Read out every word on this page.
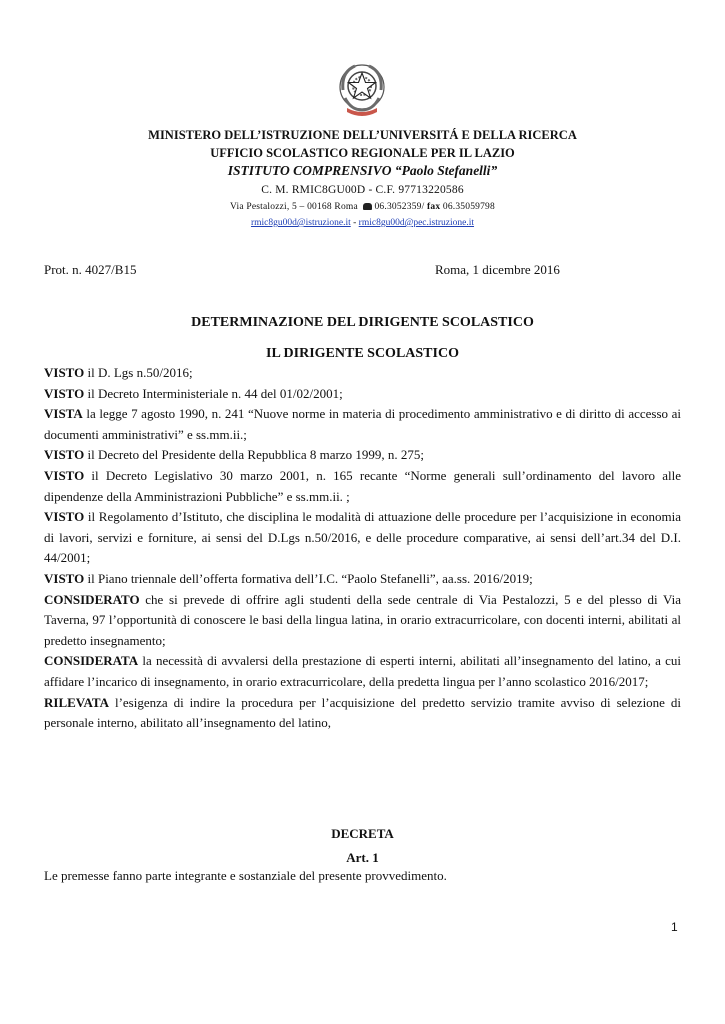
MINISTERO DELL’ISTRUZIONE DELL’UNIVERSITÁ E DELLA RICERCA
UFFICIO SCOLASTICO REGIONALE PER IL LAZIO
ISTITUTO COMPRENSIVO “Paolo Stefanelli”
C. M. RMIC8GU00D - C.F. 97713220586
Via Pestalozzi, 5 – 00168 Roma 06.3052359/ fax 06.35059798
rmic8gu00d@istruzione.it - rmic8gu00d@pec.istruzione.it
Prot. n. 4027/B15	Roma, 1 dicembre 2016
DETERMINAZIONE DEL DIRIGENTE SCOLASTICO
IL DIRIGENTE SCOLASTICO

VISTO il D. Lgs n.50/2016;

VISTO il Decreto Interministeriale n. 44 del 01/02/2001;

VISTA la legge 7 agosto 1990, n. 241 “Nuove norme in materia di procedimento amministrativo e di diritto di accesso ai documenti amministrativi” e ss.mm.ii.;

VISTO il Decreto del Presidente della Repubblica 8 marzo 1999, n. 275;

VISTO il Decreto Legislativo 30 marzo 2001, n. 165 recante “Norme generali sull’ordinamento del lavoro alle dipendenze della Amministrazioni Pubbliche” e ss.mm.ii. ;

VISTO il Regolamento d’Istituto, che disciplina le modalità di attuazione delle procedure per l’acquisizione in economia di lavori, servizi e forniture, ai sensi del D.Lgs n.50/2016, e delle procedure comparative, ai sensi dell’art.34 del D.I. 44/2001;

VISTO il Piano triennale dell’offerta formativa dell’I.C. “Paolo Stefanelli”, aa.ss. 2016/2019;

CONSIDERATO che si prevede di offrire agli studenti della sede centrale di Via Pestalozzi, 5 e del plesso di Via Taverna, 97 l’opportunità di conoscere le basi della lingua latina, in orario extracurricolare, con docenti interni, abilitati al predetto insegnamento;

CONSIDERATA la necessità di avvalersi della prestazione di esperti interni, abilitati all’insegnamento del latino, a cui affidare l’incarico di insegnamento, in orario extracurricolare, della predetta lingua per l’anno scolastico 2016/2017;

RILEVATA l’esigenza di indire la procedura per l’acquisizione del predetto servizio tramite avviso di selezione di personale interno, abilitato all’insegnamento del latino,

DECRETA
Art. 1
Le premesse fanno parte integrante e sostanziale del presente provvedimento.
1
